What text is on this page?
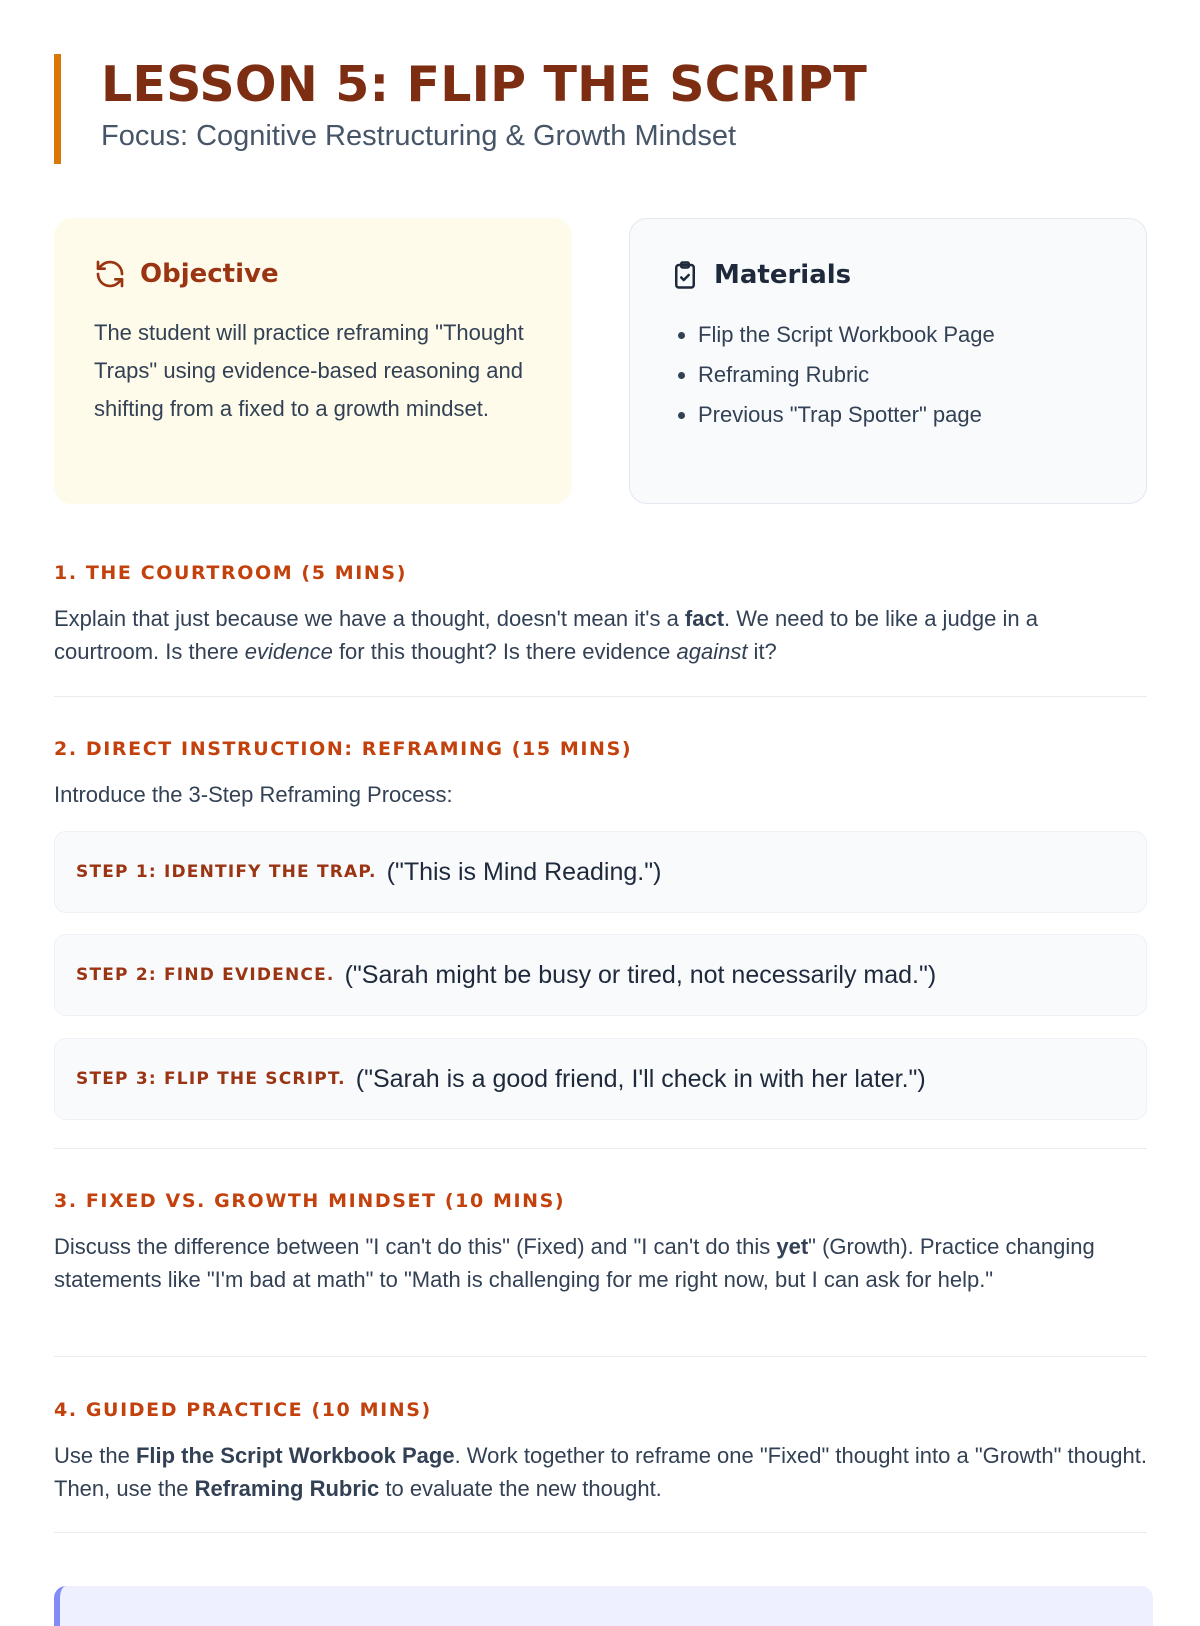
LESSON 5: FLIP THE SCRIPT

Focus: Cognitive Restructuring & Growth Mindset

Objective

The student will practice reframing "Thought Traps" using evidence-based reasoning and shifting from a fixed to a growth mindset.

Materials
• Flip the Script Workbook Page
• Reframing Rubric
• Previous "Trap Spotter" page
1. THE COURTROOM (5 MINS)

Explain that just because we have a thought, doesn't mean it's a fact. We need to be like a judge in a courtroom. Is there evidence for this thought? Is there evidence against it?

2. DIRECT INSTRUCTION: REFRAMING (15 MINS)

Introduce the 3-Step Reframing Process:

STEP 1: IDENTIFY THE TRAP. ("This is Mind Reading.")
STEP 2: FIND EVIDENCE. ("Sarah might be busy or tired, not necessarily mad.")
STEP 3: FLIP THE SCRIPT. ("Sarah is a good friend, I'll check in with her later.")
3. FIXED VS. GROWTH MINDSET (10 MINS)

Discuss the difference between "I can't do this" (Fixed) and "I can't do this yet" (Growth). Practice changing statements like "I'm bad at math" to "Math is challenging for me right now, but I can ask for help."

4. GUIDED PRACTICE (10 MINS)

Use the Flip the Script Workbook Page. Work together to reframe one "Fixed" thought into a "Growth" thought. Then, use the Reframing Rubric to evaluate the new thought.
